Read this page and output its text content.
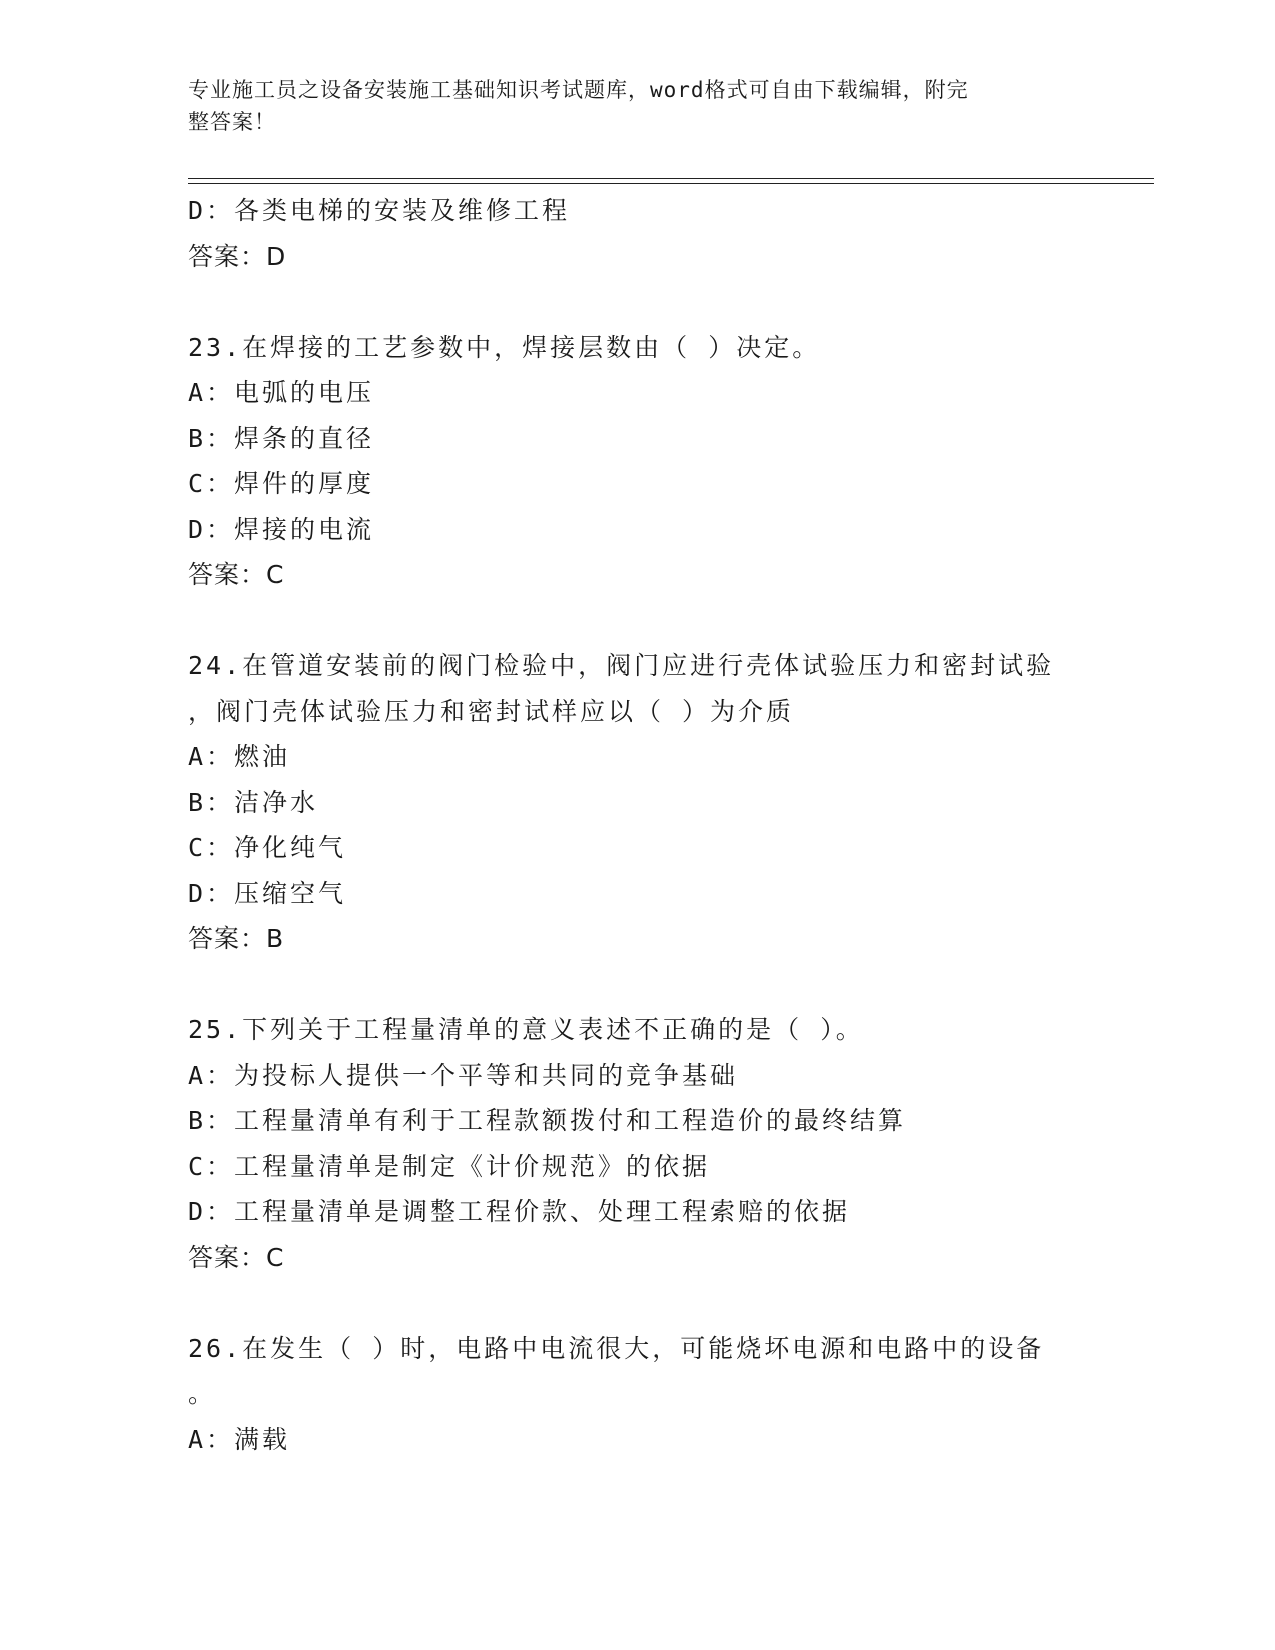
专业施工员之设备安装施工基础知识考试题库，word格式可自由下载编辑，附完
整答案！
D：各类电梯的安装及维修工程
答案：D
23.在焊接的工艺参数中，焊接层数由（ ）决定。
A：电弧的电压
B：焊条的直径
C：焊件的厚度
D：焊接的电流
答案：C
24.在管道安装前的阀门检验中，阀门应进行壳体试验压力和密封试验
，阀门壳体试验压力和密封试样应以（ ）为介质
A：燃油
B：洁净水
C：净化纯气
D：压缩空气
答案：B
25.下列关于工程量清单的意义表述不正确的是（ ）。
A：为投标人提供一个平等和共同的竞争基础
B：工程量清单有利于工程款额拨付和工程造价的最终结算
C：工程量清单是制定《计价规范》的依据
D：工程量清单是调整工程价款、处理工程索赔的依据
答案：C
26.在发生（ ）时，电路中电流很大，可能烧坏电源和电路中的设备
。
A：满载
